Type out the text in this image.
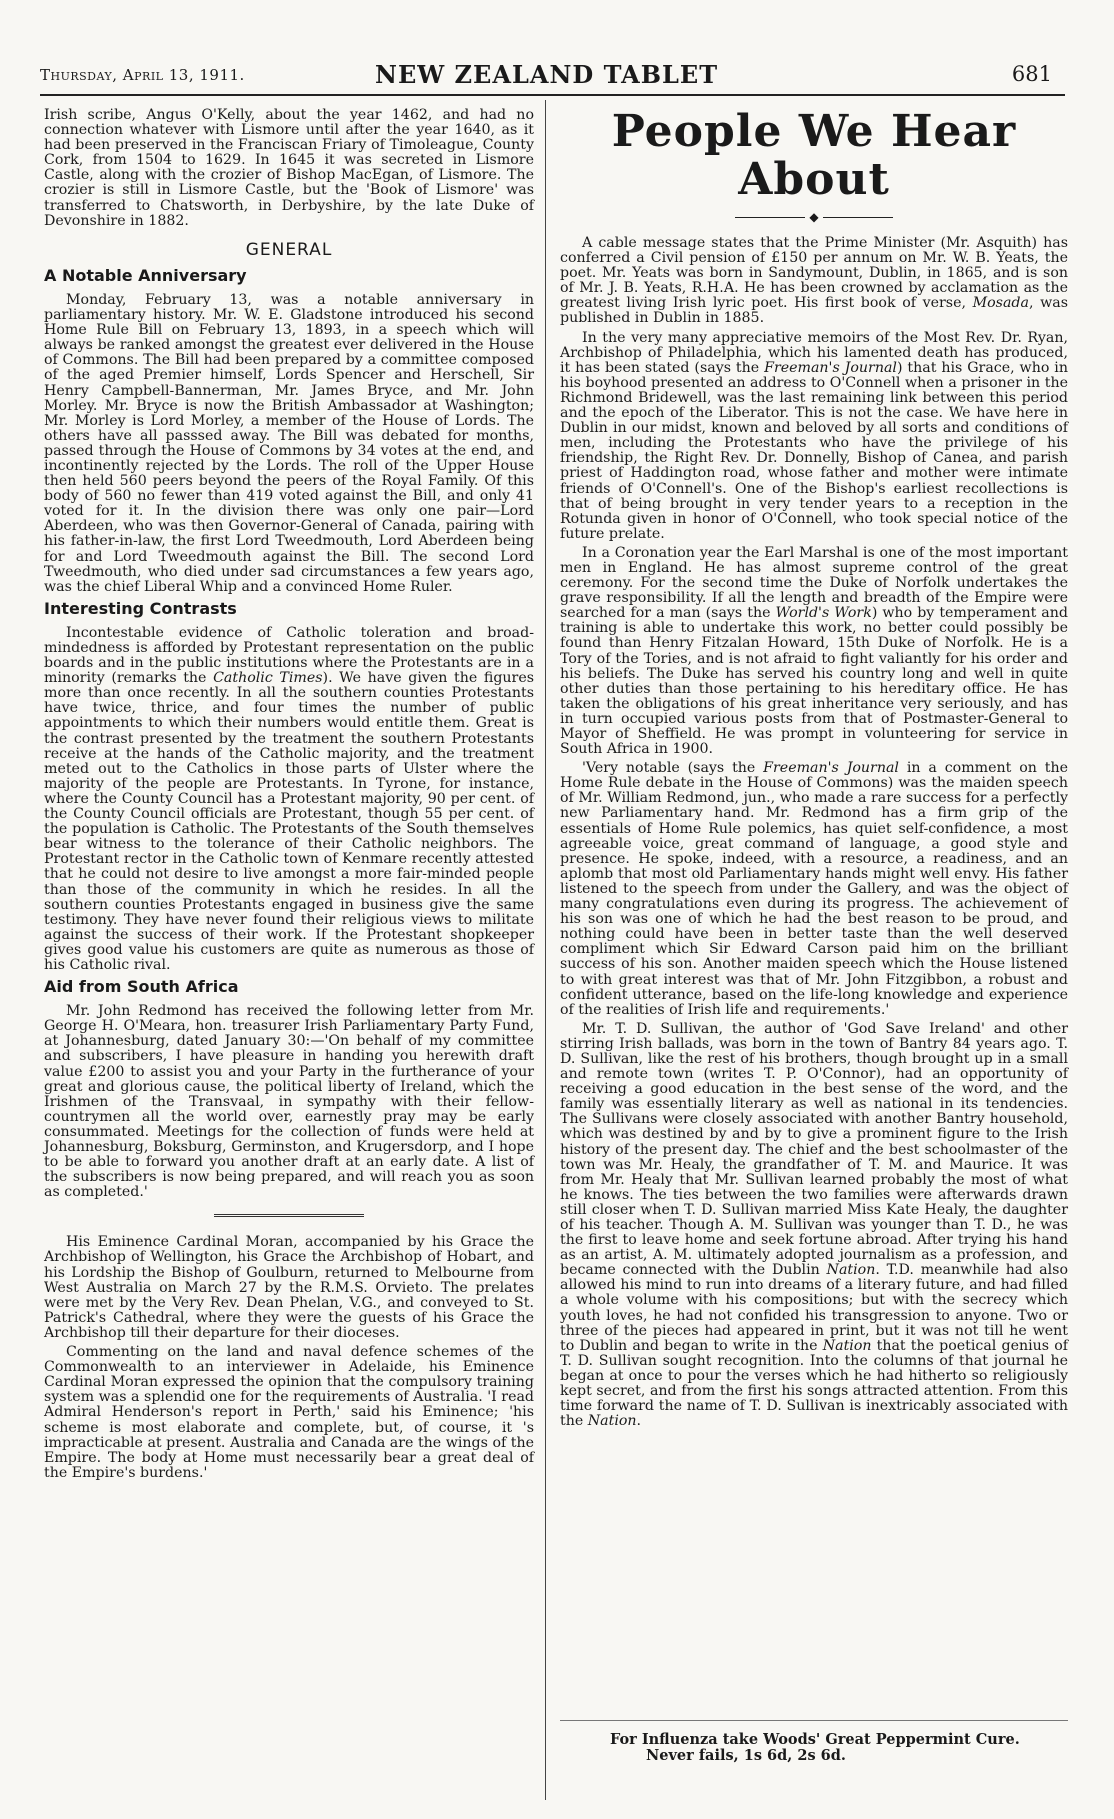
Thursday, April 13, 1911.	NEW ZEALAND TABLET	681

Irish scribe, Angus O'Kelly, about the year 1462, and had no connection whatever with Lismore until after the year 1640, as it had been preserved in the Franciscan Friary of Timoleague, County Cork, from 1504 to 1629. In 1645 it was secreted in Lismore Castle, along with the crozier of Bishop MacEgan, of Lismore. The crozier is still in Lismore Castle, but the 'Book of Lismore' was transferred to Chatsworth, in Derbyshire, by the late Duke of Devonshire in 1882.

GENERAL
A Notable Anniversary

Monday, February 13, was a notable anniversary in parliamentary history. Mr. W. E. Gladstone introduced his second Home Rule Bill on February 13, 1893, in a speech which will always be ranked amongst the greatest ever delivered in the House of Commons. The Bill had been prepared by a committee composed of the aged Premier himself, Lords Spencer and Herschell, Sir Henry Campbell-Bannerman, Mr. James Bryce, and Mr. John Morley. Mr. Bryce is now the British Ambassador at Washington; Mr. Morley is Lord Morley, a member of the House of Lords. The others have all passsed away. The Bill was debated for months, passed through the House of Commons by 34 votes at the end, and incontinently rejected by the Lords. The roll of the Upper House then held 560 peers beyond the peers of the Royal Family. Of this body of 560 no fewer than 419 voted against the Bill, and only 41 voted for it. In the division there was only one pair—Lord Aberdeen, who was then Governor-General of Canada, pairing with his father-in-law, the first Lord Tweedmouth, Lord Aberdeen being for and Lord Tweedmouth against the Bill. The second Lord Tweedmouth, who died under sad circumstances a few years ago, was the chief Liberal Whip and a convinced Home Ruler.

Interesting Contrasts

Incontestable evidence of Catholic toleration and broad-mindedness is afforded by Protestant representation on the public boards and in the public institutions where the Protestants are in a minority (remarks the Catholic Times). We have given the figures more than once recently. In all the southern counties Protestants have twice, thrice, and four times the number of public appointments to which their numbers would entitle them. Great is the contrast presented by the treatment the southern Protestants receive at the hands of the Catholic majority, and the treatment meted out to the Catholics in those parts of Ulster where the majority of the people are Protestants. In Tyrone, for instance, where the County Council has a Protestant majority, 90 per cent. of the County Council officials are Protestant, though 55 per cent. of the population is Catholic. The Protestants of the South themselves bear witness to the tolerance of their Catholic neighbors. The Protestant rector in the Catholic town of Kenmare recently attested that he could not desire to live amongst a more fair-minded people than those of the community in which he resides. In all the southern counties Protestants engaged in business give the same testimony. They have never found their religious views to militate against the success of their work. If the Protestant shopkeeper gives good value his customers are quite as numerous as those of his Catholic rival.

Aid from South Africa

Mr. John Redmond has received the following letter from Mr. George H. O'Meara, hon. treasurer Irish Parliamentary Party Fund, at Johannesburg, dated January 30:—'On behalf of my committee and subscribers, I have pleasure in handing you herewith draft value £200 to assist you and your Party in the furtherance of your great and glorious cause, the political liberty of Ireland, which the Irishmen of the Transvaal, in sympathy with their fellow-countrymen all the world over, earnestly pray may be early consummated. Meetings for the collection of funds were held at Johannesburg, Boksburg, Germinston, and Krugersdorp, and I hope to be able to forward you another draft at an early date. A list of the subscribers is now being prepared, and will reach you as soon as completed.'

His Eminence Cardinal Moran, accompanied by his Grace the Archbishop of Wellington, his Grace the Archbishop of Hobart, and his Lordship the Bishop of Goulburn, returned to Melbourne from West Australia on March 27 by the R.M.S. Orvieto. The prelates were met by the Very Rev. Dean Phelan, V.G., and conveyed to St. Patrick's Cathedral, where they were the guests of his Grace the Archbishop till their departure for their dioceses.

Commenting on the land and naval defence schemes of the Commonwealth to an interviewer in Adelaide, his Eminence Cardinal Moran expressed the opinion that the compulsory training system was a splendid one for the requirements of Australia. 'I read Admiral Henderson's report in Perth,' said his Eminence; 'his scheme is most elaborate and complete, but, of course, it 's impracticable at present. Australia and Canada are the wings of the Empire. The body at Home must necessarily bear a great deal of the Empire's burdens.'

People We Hear About
◆

A cable message states that the Prime Minister (Mr. Asquith) has conferred a Civil pension of £150 per annum on Mr. W. B. Yeats, the poet. Mr. Yeats was born in Sandymount, Dublin, in 1865, and is son of Mr. J. B. Yeats, R.H.A. He has been crowned by acclamation as the greatest living Irish lyric poet. His first book of verse, Mosada, was published in Dublin in 1885.

In the very many appreciative memoirs of the Most Rev. Dr. Ryan, Archbishop of Philadelphia, which his lamented death has produced, it has been stated (says the Freeman's Journal) that his Grace, who in his boyhood presented an address to O'Connell when a prisoner in the Richmond Bridewell, was the last remaining link between this period and the epoch of the Liberator. This is not the case. We have here in Dublin in our midst, known and beloved by all sorts and conditions of men, including the Protestants who have the privilege of his friendship, the Right Rev. Dr. Donnelly, Bishop of Canea, and parish priest of Haddington road, whose father and mother were intimate friends of O'Connell's. One of the Bishop's earliest recollections is that of being brought in very tender years to a reception in the Rotunda given in honor of O'Connell, who took special notice of the future prelate.

In a Coronation year the Earl Marshal is one of the most important men in England. He has almost supreme control of the great ceremony. For the second time the Duke of Norfolk undertakes the grave responsibility. If all the length and breadth of the Empire were searched for a man (says the World's Work) who by temperament and training is able to undertake this work, no better could possibly be found than Henry Fitzalan Howard, 15th Duke of Norfolk. He is a Tory of the Tories, and is not afraid to fight valiantly for his order and his beliefs. The Duke has served his country long and well in quite other duties than those pertaining to his hereditary office. He has taken the obligations of his great inheritance very seriously, and has in turn occupied various posts from that of Postmaster-General to Mayor of Sheffield. He was prompt in volunteering for service in South Africa in 1900.

'Very notable (says the Freeman's Journal in a comment on the Home Rule debate in the House of Commons) was the maiden speech of Mr. William Redmond, jun., who made a rare success for a perfectly new Parliamentary hand. Mr. Redmond has a firm grip of the essentials of Home Rule polemics, has quiet self-confidence, a most agreeable voice, great command of language, a good style and presence. He spoke, indeed, with a resource, a readiness, and an aplomb that most old Parliamentary hands might well envy. His father listened to the speech from under the Gallery, and was the object of many congratulations even during its progress. The achievement of his son was one of which he had the best reason to be proud, and nothing could have been in better taste than the well deserved compliment which Sir Edward Carson paid him on the brilliant success of his son. Another maiden speech which the House listened to with great interest was that of Mr. John Fitzgibbon, a robust and confident utterance, based on the life-long knowledge and experience of the realities of Irish life and requirements.'

Mr. T. D. Sullivan, the author of 'God Save Ireland' and other stirring Irish ballads, was born in the town of Bantry 84 years ago. T. D. Sullivan, like the rest of his brothers, though brought up in a small and remote town (writes T. P. O'Connor), had an opportunity of receiving a good education in the best sense of the word, and the family was essentially literary as well as national in its tendencies. The Sullivans were closely associated with another Bantry household, which was destined by and by to give a prominent figure to the Irish history of the present day. The chief and the best schoolmaster of the town was Mr. Healy, the grandfather of T. M. and Maurice. It was from Mr. Healy that Mr. Sullivan learned probably the most of what he knows. The ties between the two families were afterwards drawn still closer when T. D. Sullivan married Miss Kate Healy, the daughter of his teacher. Though A. M. Sullivan was younger than T. D., he was the first to leave home and seek fortune abroad. After trying his hand as an artist, A. M. ultimately adopted journalism as a profession, and became connected with the Dublin Nation. T.D. meanwhile had also allowed his mind to run into dreams of a literary future, and had filled a whole volume with his compositions; but with the secrecy which youth loves, he had not confided his transgression to anyone. Two or three of the pieces had appeared in print, but it was not till he went to Dublin and began to write in the Nation that the poetical genius of T. D. Sullivan sought recognition. Into the columns of that journal he began at once to pour the verses which he had hitherto so religiously kept secret, and from the first his songs attracted attention. From this time forward the name of T. D. Sullivan is inextricably associated with the Nation.

For Influenza take Woods' Great Peppermint Cure.
Never fails, 1s 6d, 2s 6d.
